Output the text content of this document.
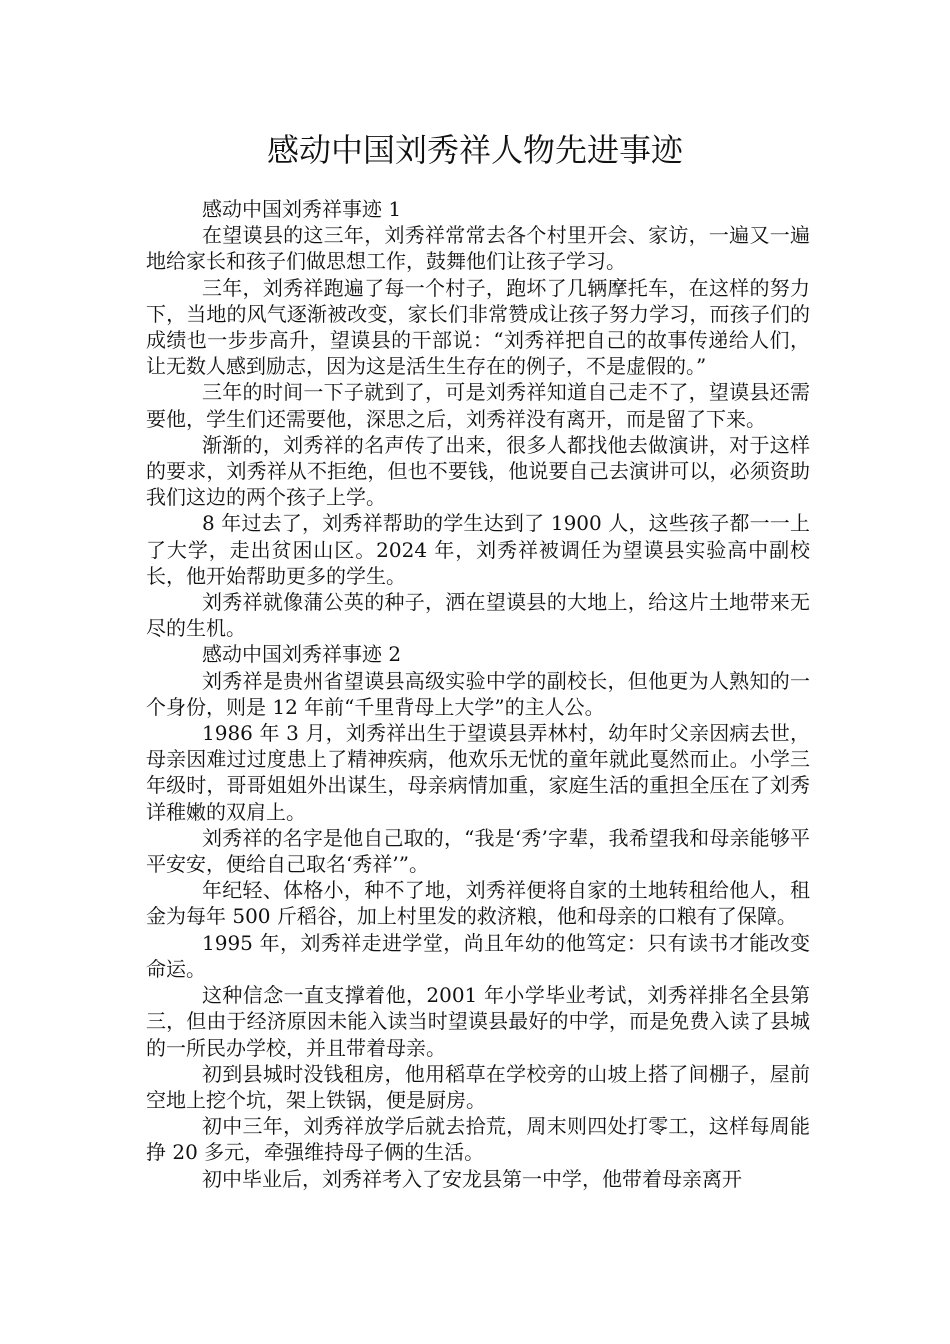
感动中国刘秀祥人物先进事迹

感动中国刘秀祥事迹 1

在望谟县的这三年，刘秀祥常常去各个村里开会、家访，一遍又一遍地给家长和孩子们做思想工作，鼓舞他们让孩子学习。

三年，刘秀祥跑遍了每一个村子，跑坏了几辆摩托车，在这样的努力下，当地的风气逐渐被改变，家长们非常赞成让孩子努力学习，而孩子们的成绩也一步步高升，望谟县的干部说：“刘秀祥把自己的故事传递给人们，让无数人感到励志，因为这是活生生存在的例子，不是虚假的。”

三年的时间一下子就到了，可是刘秀祥知道自己走不了，望谟县还需要他，学生们还需要他，深思之后，刘秀祥没有离开，而是留了下来。

渐渐的，刘秀祥的名声传了出来，很多人都找他去做演讲，对于这样的要求，刘秀祥从不拒绝，但也不要钱，他说要自己去演讲可以，必须资助我们这边的两个孩子上学。

8 年过去了，刘秀祥帮助的学生达到了 1900 人，这些孩子都一一上了大学，走出贫困山区。2024 年，刘秀祥被调任为望谟县实验高中副校长，他开始帮助更多的学生。

刘秀祥就像蒲公英的种子，洒在望谟县的大地上，给这片土地带来无尽的生机。

感动中国刘秀祥事迹 2

刘秀祥是贵州省望谟县高级实验中学的副校长，但他更为人熟知的一个身份，则是 12 年前“千里背母上大学”的主人公。

1986 年 3 月，刘秀祥出生于望谟县弄林村，幼年时父亲因病去世，母亲因难过过度患上了精神疾病，他欢乐无忧的童年就此戛然而止。小学三年级时，哥哥姐姐外出谋生，母亲病情加重，家庭生活的重担全压在了刘秀详稚嫩的双肩上。

刘秀祥的名字是他自己取的，“我是‘秀’字辈，我希望我和母亲能够平平安安，便给自己取名‘秀祥’”。

年纪轻、体格小，种不了地，刘秀祥便将自家的土地转租给他人，租金为每年 500 斤稻谷，加上村里发的救济粮，他和母亲的口粮有了保障。

1995 年，刘秀祥走进学堂，尚且年幼的他笃定：只有读书才能改变命运。

这种信念一直支撑着他，2001 年小学毕业考试，刘秀祥排名全县第三，但由于经济原因未能入读当时望谟县最好的中学，而是免费入读了县城的一所民办学校，并且带着母亲。

初到县城时没钱租房，他用稻草在学校旁的山坡上搭了间棚子，屋前空地上挖个坑，架上铁锅，便是厨房。

初中三年，刘秀祥放学后就去拾荒，周末则四处打零工，这样每周能挣 20 多元，牵强维持母子俩的生活。

初中毕业后，刘秀祥考入了安龙县第一中学，他带着母亲离开
